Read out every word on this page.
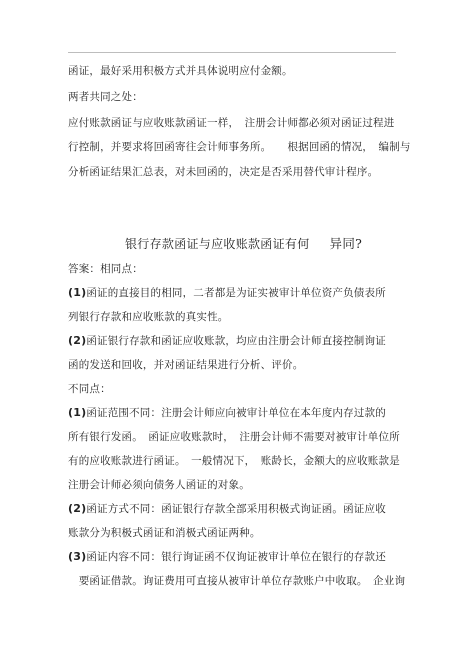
函证，最好采用积极方式并具体说明应付金额。
两者共同之处：
应付账款函证与应收账款函证一样，　注册会计师都必须对函证过程进
行控制，并要求将回函寄往会计师事务所。　　根据回函的情况，　编制与
分析函证结果汇总表，对未回函的，决定是否采用替代审计程序。
银行存款函证与应收账款函证有何 异同?
答案：相同点：
(1)函证的直接目的相同，二者都是为证实被审计单位资产负债表所
列银行存款和应收账款的真实性。
(2)函证银行存款和函证应收账款，均应由注册会计师直接控制询证
函的发送和回收，并对函证结果进行分析、评价。
不同点：
(1)函证范围不同：注册会计师应向被审计单位在本年度内存过款的
所有银行发函。　函证应收账款时，　注册会计师不需要对被审计单位所
有的应收账款进行函证。　一般情况下，　账龄长，金额大的应收账款是
注册会计师必须向债务人函证的对象。
(2)函证方式不同：函证银行存款全部采用积极式询证函。函证应收
账款分为积极式函证和消极式函证两种。
(3)函证内容不同：银行询证函不仅询证被审计单位在银行的存款还
　要函证借款。询证费用可直接从被审计单位存款账户中收取。　企业询
